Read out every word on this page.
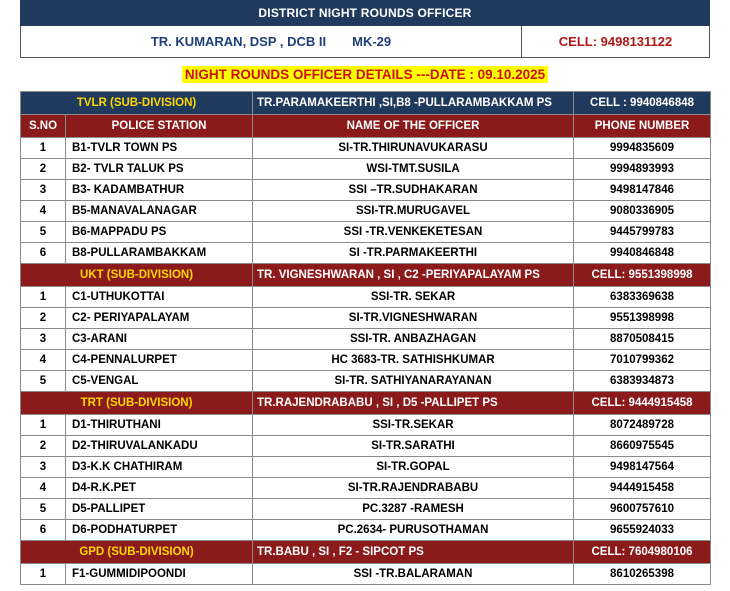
DISTRICT NIGHT ROUNDS OFFICER
TR. KUMARAN, DSP , DCB II MK-29	CELL: 9498131122
NIGHT ROUNDS OFFICER DETAILS ---DATE : 09.10.2025
TVLR (SUB-DIVISION)		TR.PARAMAKEERTHI ,SI,B8 -PULLARAMBAKKAM PS	CELL : 9940846848
S.NO	POLICE STATION	NAME OF THE OFFICER	PHONE NUMBER
1	B1-TVLR TOWN PS	SI-TR.THIRUNAVUKARASU	9994835609
2	B2- TVLR TALUK PS	WSI-TMT.SUSILA	9994893993
3	B3- KADAMBATHUR	SSI –TR.SUDHAKARAN	9498147846
4	B5-MANAVALANAGAR	SSI-TR.MURUGAVEL	9080336905
5	B6-MAPPADU PS	SSI -TR.VENKEKETESAN	9445799783
6	B8-PULLARAMBAKKAM	SI -TR.PARMAKEERTHI	9940846848
UKT (SUB-DIVISION)		TR. VIGNESHWARAN , SI , C2 -PERIYAPALAYAM PS	CELL: 9551398998
1	C1-UTHUKOTTAI	SSI-TR. SEKAR	6383369638
2	C2- PERIYAPALAYAM	SI-TR.VIGNESHWARAN	9551398998
3	C3-ARANI	SSI-TR. ANBAZHAGAN	8870508415
4	C4-PENNALURPET	HC 3683-TR. SATHISHKUMAR	7010799362
5	C5-VENGAL	SI-TR. SATHIYANARAYANAN	6383934873
TRT (SUB-DIVISION)		TR.RAJENDRABABU , SI , D5 -PALLIPET PS	CELL: 9444915458
1	D1-THIRUTHANI	SSI-TR.SEKAR	8072489728
2	D2-THIRUVALANKADU	SI-TR.SARATHI	8660975545
3	D3-K.K CHATHIRAM	SI-TR.GOPAL	9498147564
4	D4-R.K.PET	SI-TR.RAJENDRABABU	9444915458
5	D5-PALLIPET	PC.3287 -RAMESH	9600757610
6	D6-PODHATURPET	PC.2634- PURUSOTHAMAN	9655924033
GPD (SUB-DIVISION)		TR.BABU , SI , F2 - SIPCOT PS	CELL: 7604980106
1	F1-GUMMIDIPOONDI	SSI -TR.BALARAMAN	8610265398
